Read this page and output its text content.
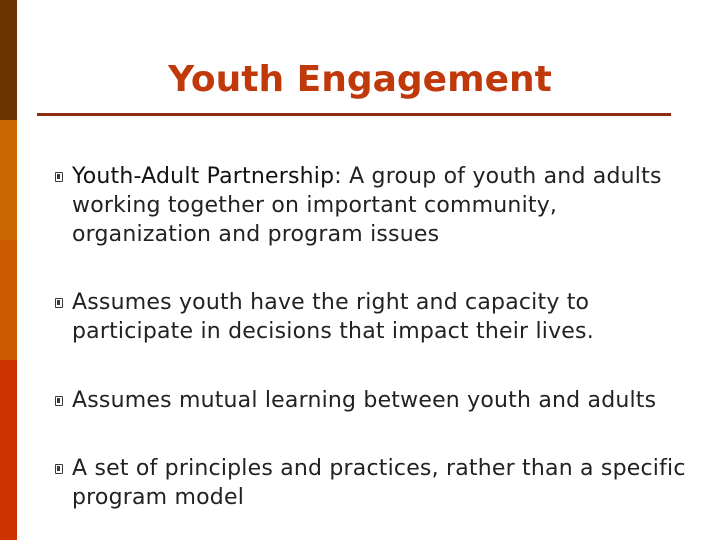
Youth Engagement
Youth-Adult Partnership: A group of youth and adults working together on important community, organization and program issues
Assumes youth have the right and capacity to participate in decisions that impact their lives.
Assumes mutual learning between youth and adults
A set of principles and practices, rather than a specific program model
